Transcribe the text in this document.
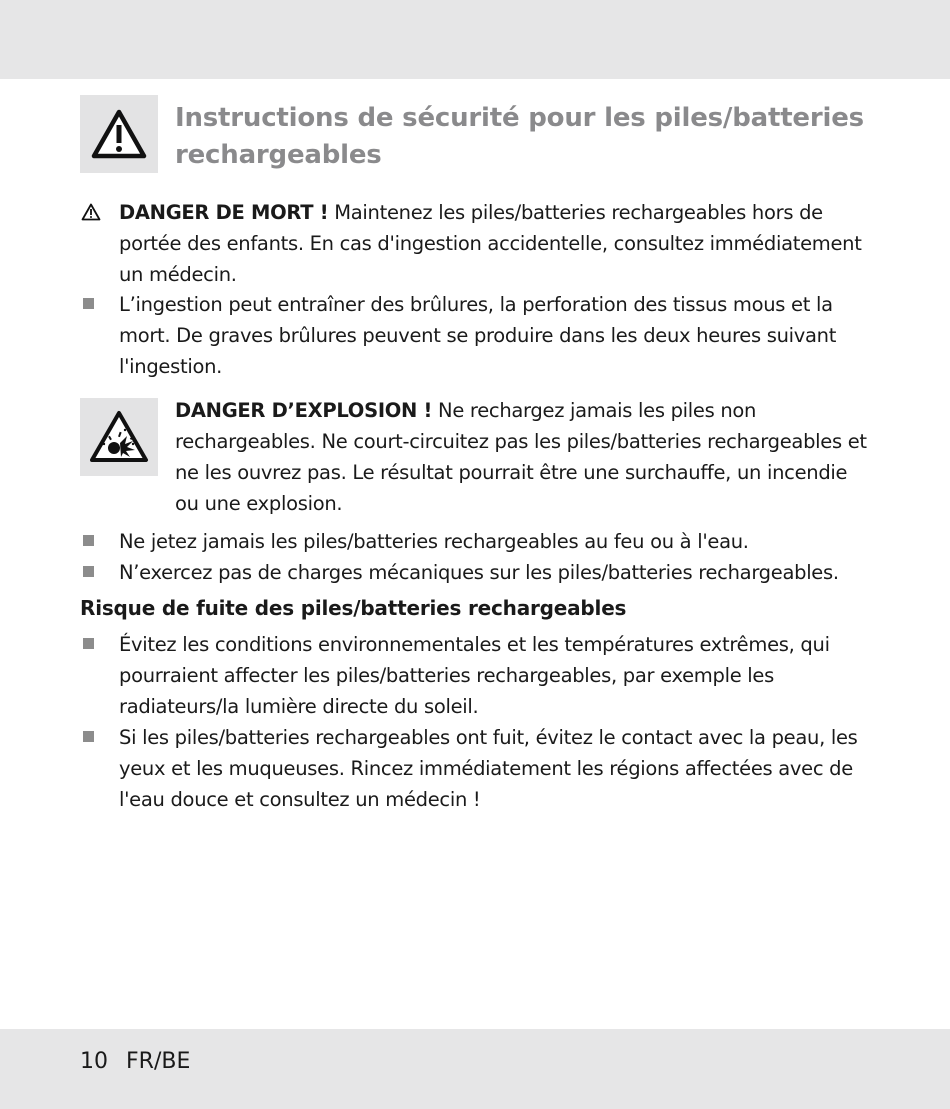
Instructions de sécurité pour les piles/batteries rechargeables
DANGER DE MORT ! Maintenez les piles/batteries rechargeables hors de portée des enfants. En cas d'ingestion accidentelle, consultez immédiatement un médecin.
L’ingestion peut entraîner des brûlures, la perforation des tissus mous et la mort. De graves brûlures peuvent se produire dans les deux heures suivant l'ingestion.
DANGER D’EXPLOSION ! Ne rechargez jamais les piles non rechargeables. Ne court-circuitez pas les piles/batteries rechargeables et ne les ouvrez pas. Le résultat pourrait être une surchauffe, un incendie ou une explosion.
Ne jetez jamais les piles/batteries rechargeables au feu ou à l'eau.
N’exercez pas de charges mécaniques sur les piles/batteries rechargeables.
Risque de fuite des piles/batteries rechargeables
Évitez les conditions environnementales et les températures extrêmes, qui pourraient affecter les piles/batteries rechargeables, par exemple les radiateurs/la lumière directe du soleil.
Si les piles/batteries rechargeables ont fuit, évitez le contact avec la peau, les yeux et les muqueuses. Rincez immédiatement les régions affectées avec de l'eau douce et consultez un médecin !
10 FR/BE
